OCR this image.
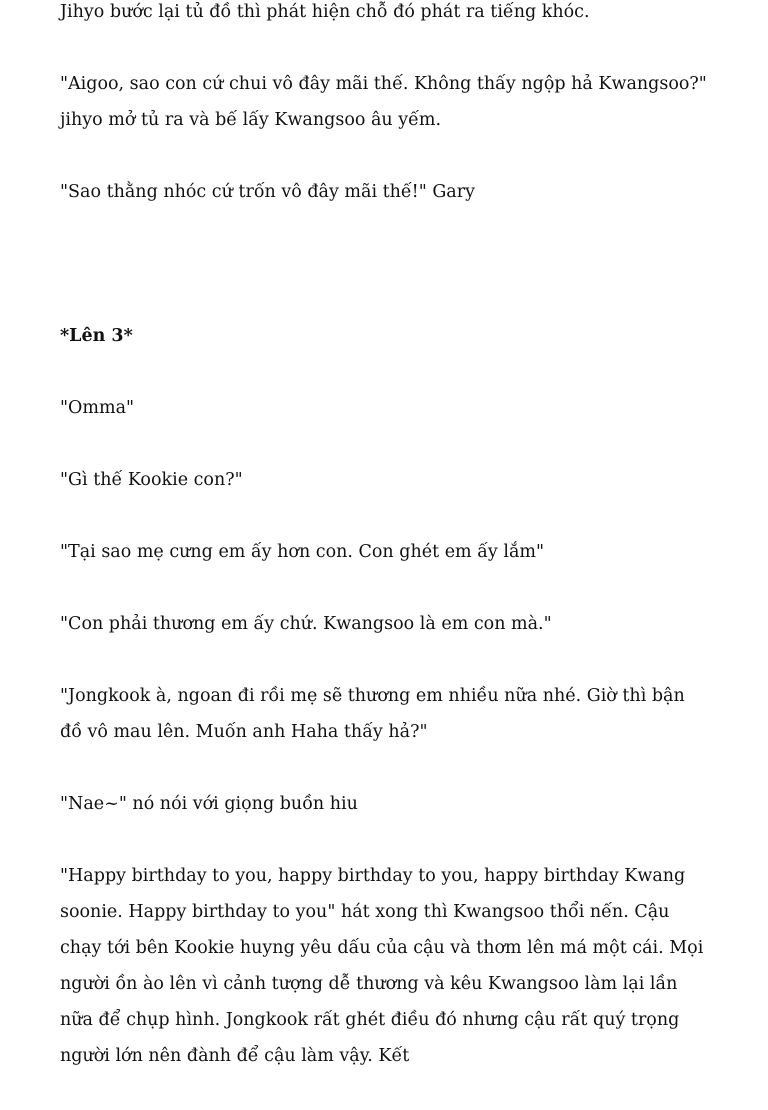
Jihyo bước lại tủ đồ thì phát hiện chỗ đó phát ra tiếng khóc.

"Aigoo, sao con cứ chui vô đây mãi thế. Không thấy ngộp hả Kwangsoo?" jihyo mở tủ ra và bế lấy Kwangsoo âu yếm.

"Sao thằng nhóc cứ trốn vô đây mãi thế!" Gary

*Lên 3*

"Omma"

"Gì thế Kookie con?"

"Tại sao mẹ cưng em ấy hơn con. Con ghét em ấy lắm"

"Con phải thương em ấy chứ. Kwangsoo là em con mà."

"Jongkook à, ngoan đi rồi mẹ sẽ thương em nhiều nữa nhé. Giờ thì bận đồ vô mau lên. Muốn anh Haha thấy hả?"

"Nae~" nó nói với giọng buồn hiu

"Happy birthday to you, happy birthday to you, happy birthday Kwang soonie. Happy birthday to you" hát xong thì Kwangsoo thổi nến. Cậu chạy tới bên Kookie huyng yêu dấu của cậu và thơm lên má một cái. Mọi người ồn ào lên vì cảnh tượng dễ thương và kêu Kwangsoo làm lại lần nữa để chụp hình. Jongkook rất ghét điều đó nhưng cậu rất quý trọng người lớn nên đành để cậu làm vậy. Kết
